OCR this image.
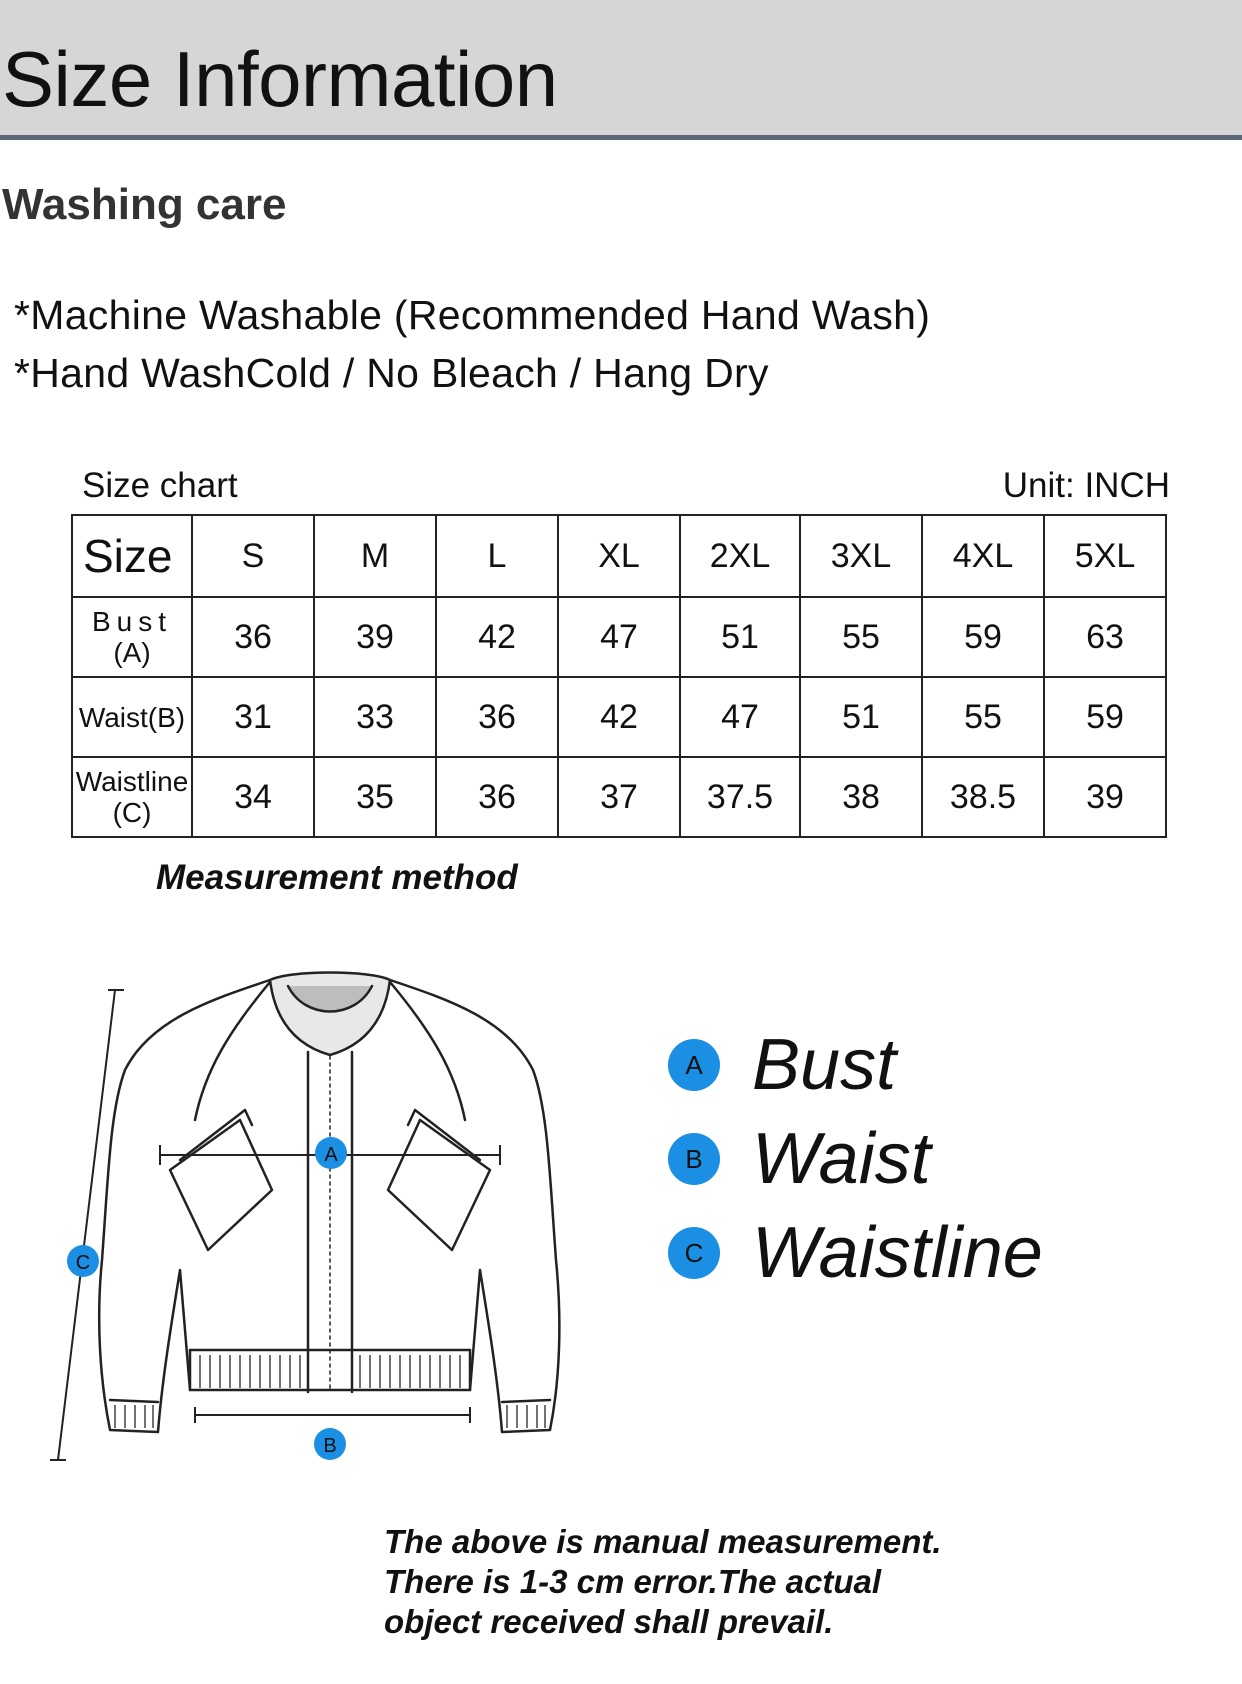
Size Information
Washing care
*Machine Washable (Recommended Hand Wash)
*Hand WashCold / No Bleach / Hang Dry
Size chart	Unit: INCH
Size	S	M	L	XL	2XL	3XL	4XL	5XL
Bust
(A)	36	39	42	47	51	55	59	63
Waist(B)	31	33	36	42	47	51	55	59
Waistline
(C)	34	35	36	37	37.5	38	38.5	39
Measurement method
A
B
C
A Bust
B Waist
C Waistline
The above is manual measurement.
There is 1-3 cm error.The actual
object received shall prevail.
